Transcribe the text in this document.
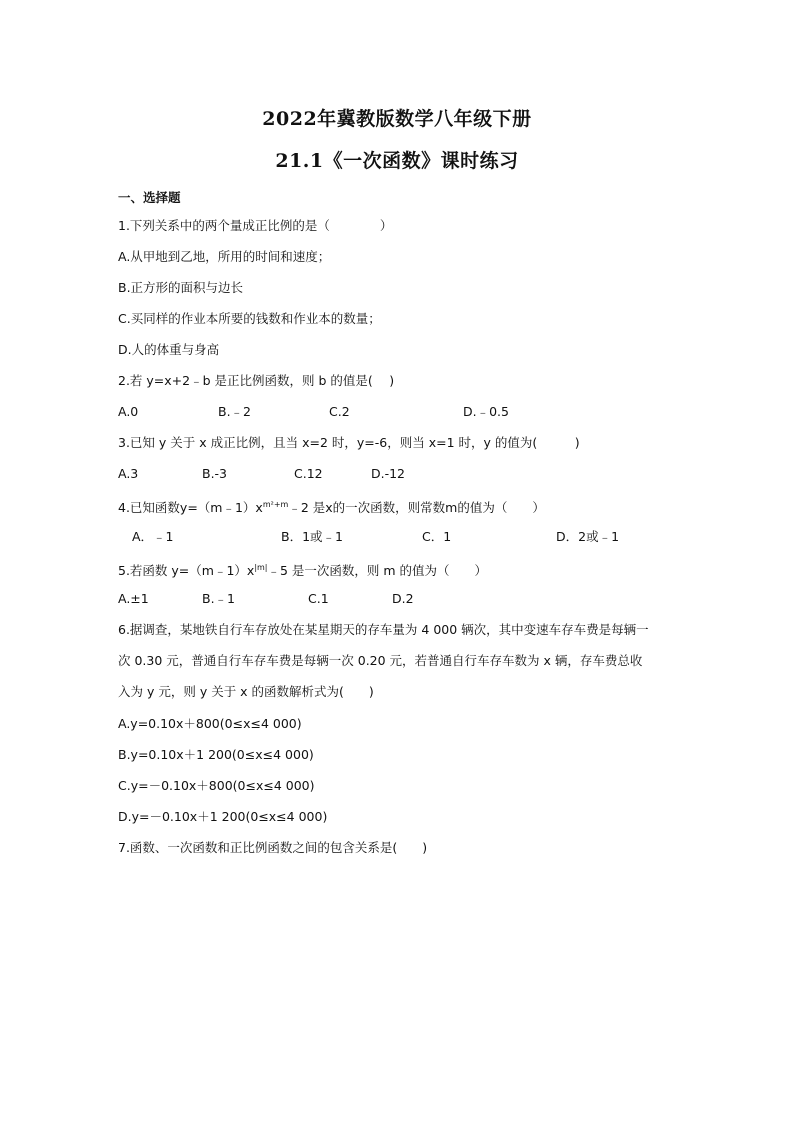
2022年冀教版数学八年级下册
21.1《一次函数》课时练习
一、选择题
1.下列关系中的两个量成正比例的是（　　　　）
A.从甲地到乙地，所用的时间和速度；
B.正方形的面积与边长
C.买同样的作业本所要的钱数和作业本的数量；
D.人的体重与身高
2.若 y=x+2﹣b 是正比例函数，则 b 的值是(　 )
A.0	B.﹣2	C.2	D.﹣0.5
3.已知 y 关于 x 成正比例，且当 x=2 时，y=-6，则当 x=1 时，y 的值为(　　　)
A.3	B.-3	C.12	D.-12
4.已知函数$y=(m﹣1)x^{m^2+m}﹣2$ 是x的一次函数，则常数m的值为（　　）
A．﹣1	B．1或﹣1	C．1	D．2或﹣1
5.若函数 $y=(m﹣1)x^{|m|}﹣5$ 是一次函数，则 m 的值为（　　）
A.±1	B.﹣1	C.1	D.2
6.据调查，某地铁自行车存放处在某星期天的存车量为 4 000 辆次，其中变速车存车费是每辆一
次 0.30 元，普通自行车存车费是每辆一次 0.20 元，若普通自行车存车数为 x 辆，存车费总收
入为 y 元，则 y 关于 x 的函数解析式为(　　)
A.y=0.10x＋800(0≤x≤4 000)
B.y=0.10x＋1 200(0≤x≤4 000)
C.y=－0.10x＋800(0≤x≤4 000)
D.y=－0.10x＋1 200(0≤x≤4 000)
7.函数、一次函数和正比例函数之间的包含关系是(　　)
